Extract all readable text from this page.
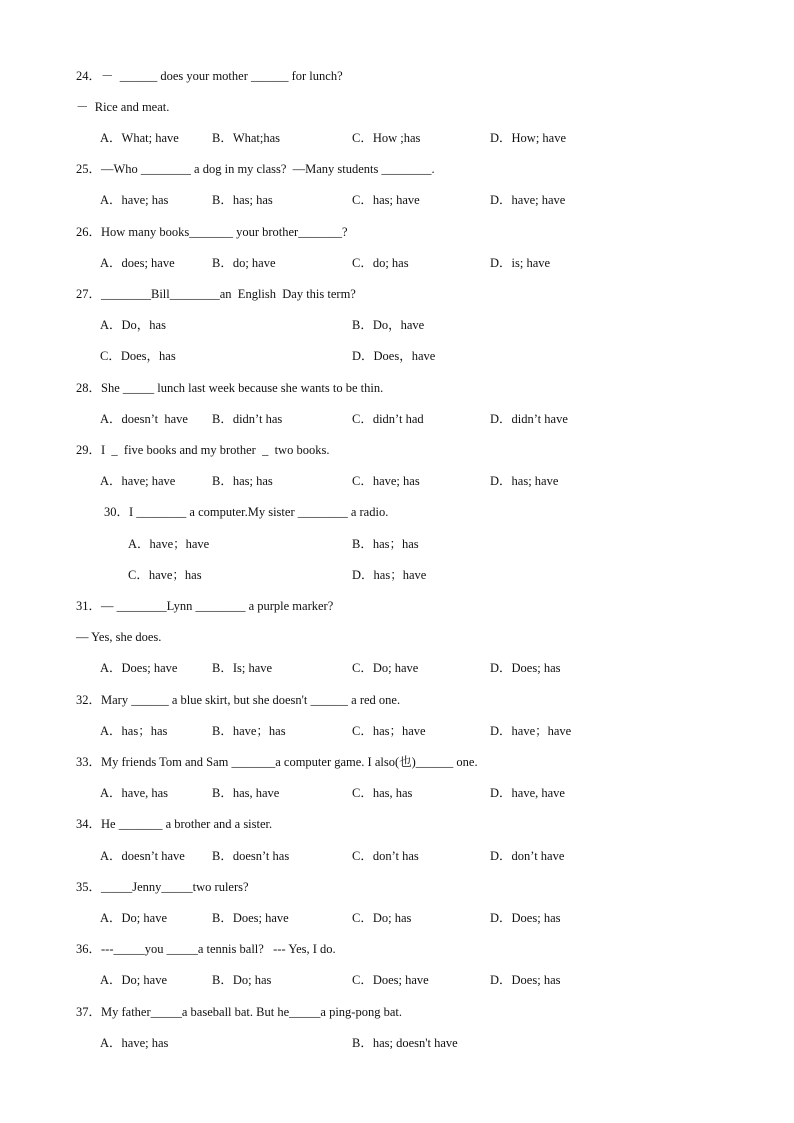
24．－  ______ does your mother ______ for lunch?
－  Rice and meat.
A．What; have	B．What;has	C．How ;has	D．How; have
25．—Who ________ a dog in my class?  —Many students ________.
A．have; has	B．has; has	C．has; have	D．have; have
26．How many books_______ your brother_______?
A．does; have	B．do; have	C．do; has	D．is; have
27．________Bill________an  English  Day this term?
A．Do，has	B．Do，have
C．Does，has	D．Does，have
28．She _____ lunch last week because she wants to be thin.
A．doesn’t  have B．didn’t has	C．didn’t had	D．didn’t have
29．I  _  five books and my brother  _  two books.
A．have; have	B．has; has	C．have; has	D．has; have
30．I ________ a computer.My sister ________ a radio.
A．have；have	B．has；has
C．have；has	D．has；have
31．— ________Lynn ________ a purple marker?
— Yes, she does.
A．Does; have	B．Is; have	C．Do; have	D．Does; has
32．Mary ______ a blue skirt, but she doesn't ______ a red one.
A．has；has	B．have；has	C．has；have	D．have；have
33．My friends Tom and Sam _______a computer game. I also(也)______ one.
A．have, has	B．has, have	C．has, has	D．have, have
34．He _______ a brother and a sister.
A．doesn’t have B．doesn’t has	C．don’t has	D．don’t have
35．_____Jenny_____two rulers?
A．Do; have	B．Does; have	C．Do; has	D．Does; has
36．---_____you _____a tennis ball?   --- Yes, I do.
A．Do; have	B．Do; has	C．Does; have	D．Does; has
37．My father_____a baseball bat. But he_____a ping-pong bat.
A．have; has	B．has; doesn't have
